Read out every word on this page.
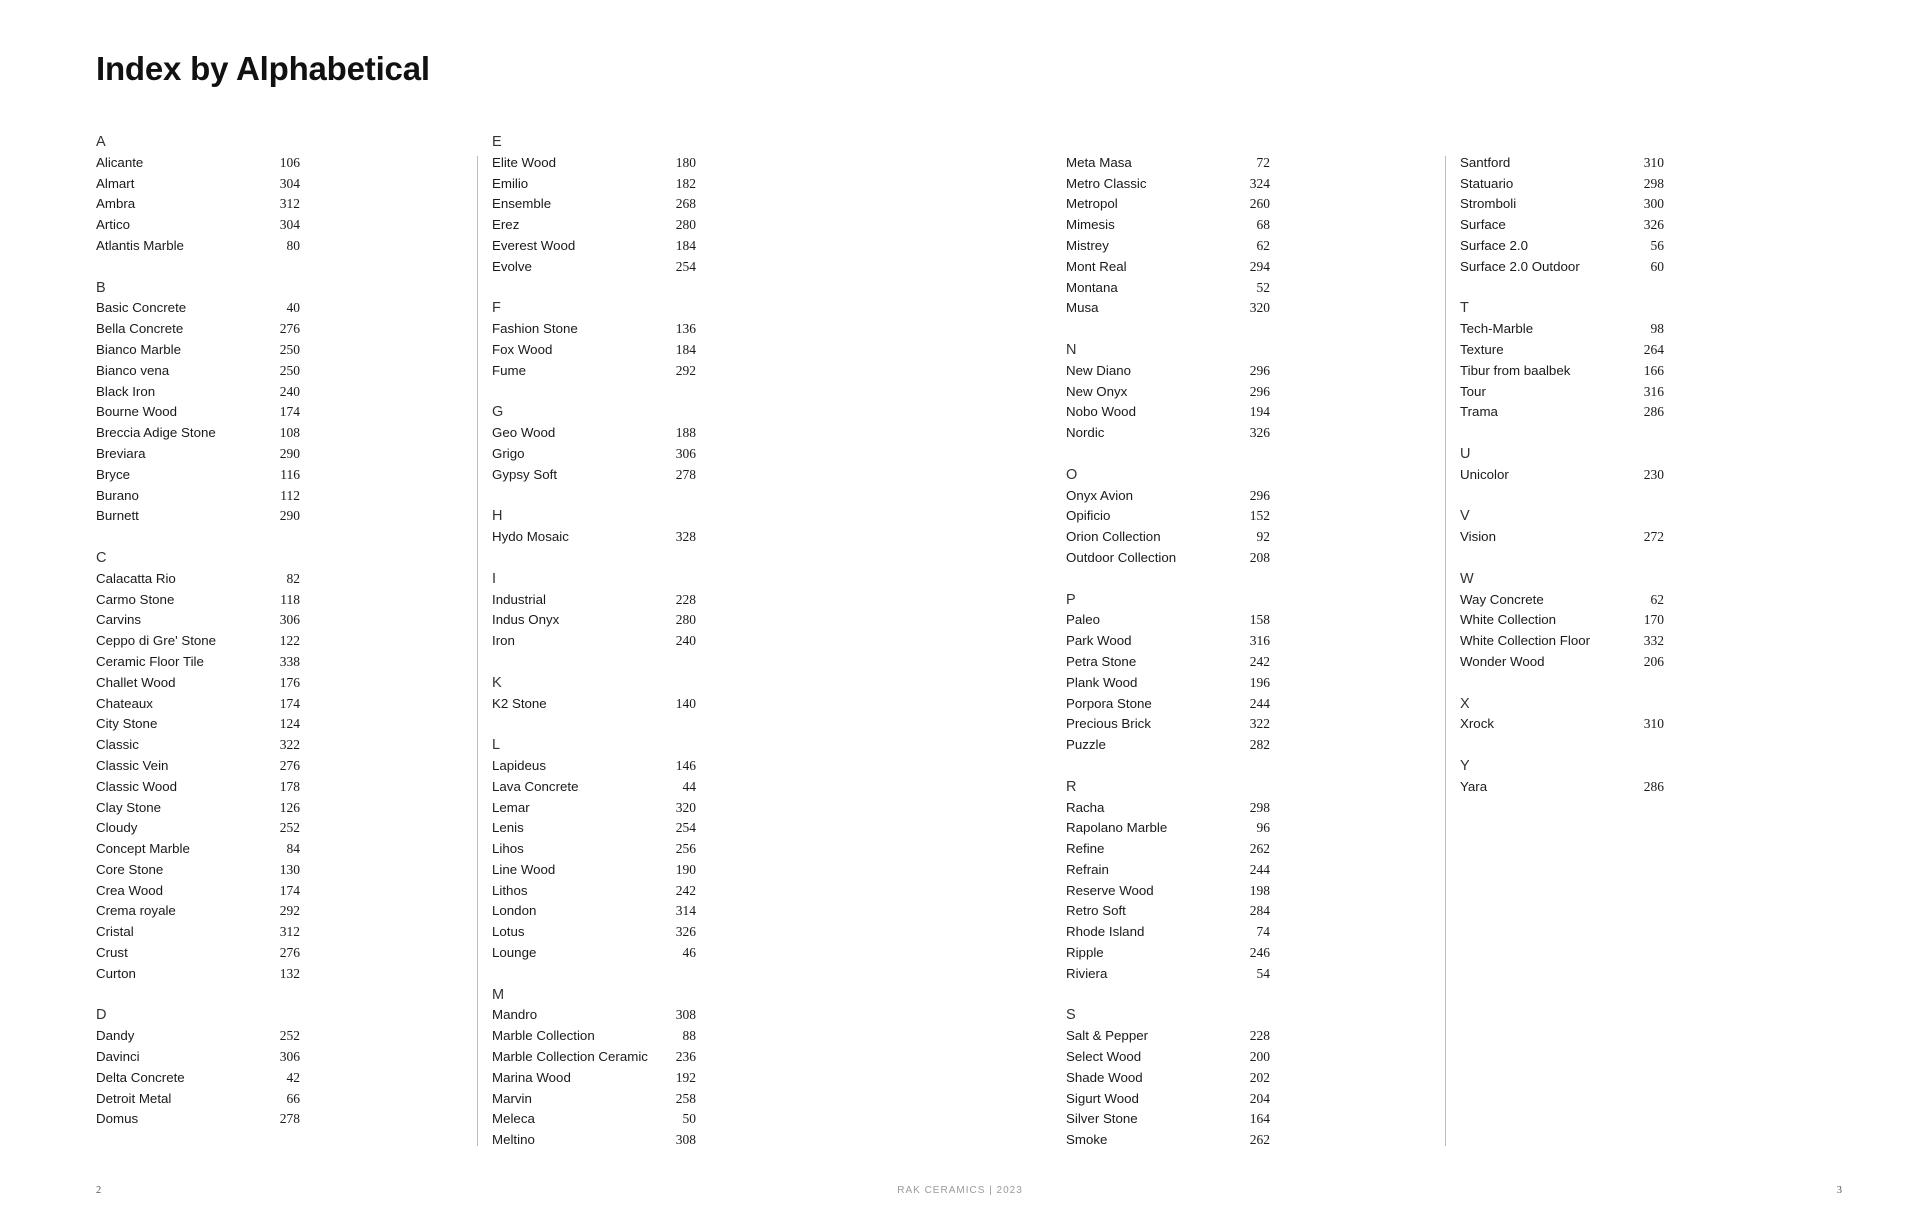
Index by Alphabetical
A
Alicante	106
Almart	304
Ambra	312
Artico	304
Atlantis Marble	80
B
Basic Concrete	40
Bella Concrete	276
Bianco Marble	250
Bianco vena	250
Black Iron	240
Bourne Wood	174
Breccia Adige Stone	108
Breviara	290
Bryce	116
Burano	112
Burnett	290
C
Calacatta Rio	82
Carmo Stone	118
Carvins	306
Ceppo di Gre' Stone	122
Ceramic Floor Tile	338
Challet Wood	176
Chateaux	174
City Stone	124
Classic	322
Classic Vein	276
Classic Wood	178
Clay Stone	126
Cloudy	252
Concept Marble	84
Core Stone	130
Crea Wood	174
Crema royale	292
Cristal	312
Crust	276
Curton	132
D
Dandy	252
Davinci	306
Delta Concrete	42
Detroit Metal	66
Domus	278
E
Elite Wood	180
Emilio	182
Ensemble	268
Erez	280
Everest Wood	184
Evolve	254
F
Fashion Stone	136
Fox Wood	184
Fume	292
G
Geo Wood	188
Grigo	306
Gypsy Soft	278
H
Hydo Mosaic	328
I
Industrial	228
Indus Onyx	280
Iron	240
K
K2 Stone	140
L
Lapideus	146
Lava Concrete	44
Lemar	320
Lenis	254
Lihos	256
Line Wood	190
Lithos	242
London	314
Lotus	326
Lounge	46
M
Mandro	308
Marble Collection	88
Marble Collection Ceramic 236
Marina Wood	192
Marvin	258
Meleca	50
Meltino	308
Meta Masa	72
Metro Classic	324
Metropol	260
Mimesis	68
Mistrey	62
Mont Real	294
Montana	52
Musa	320
N
New Diano	296
New Onyx	296
Nobo Wood	194
Nordic	326
O
Onyx Avion	296
Opificio	152
Orion Collection	92
Outdoor Collection	208
P
Paleo	158
Park Wood	316
Petra Stone	242
Plank Wood	196
Porpora Stone	244
Precious Brick	322
Puzzle	282
R
Racha	298
Rapolano Marble	96
Refine	262
Refrain	244
Reserve Wood	198
Retro Soft	284
Rhode Island	74
Ripple	246
Riviera	54
S
Salt & Pepper	228
Select Wood	200
Shade Wood	202
Sigurt Wood	204
Silver Stone	164
Smoke	262
Santford	310
Statuario	298
Stromboli	300
Surface	326
Surface 2.0	56
Surface 2.0 Outdoor	60
T
Tech-Marble	98
Texture	264
Tibur from baalbek	166
Tour	316
Trama	286
U
Unicolor	230
V
Vision	272
W
Way Concrete	62
White Collection	170
White Collection Floor	332
Wonder Wood	206
X
Xrock	310
Y
Yara	286
2	RAK CERAMICS | 2023	3
